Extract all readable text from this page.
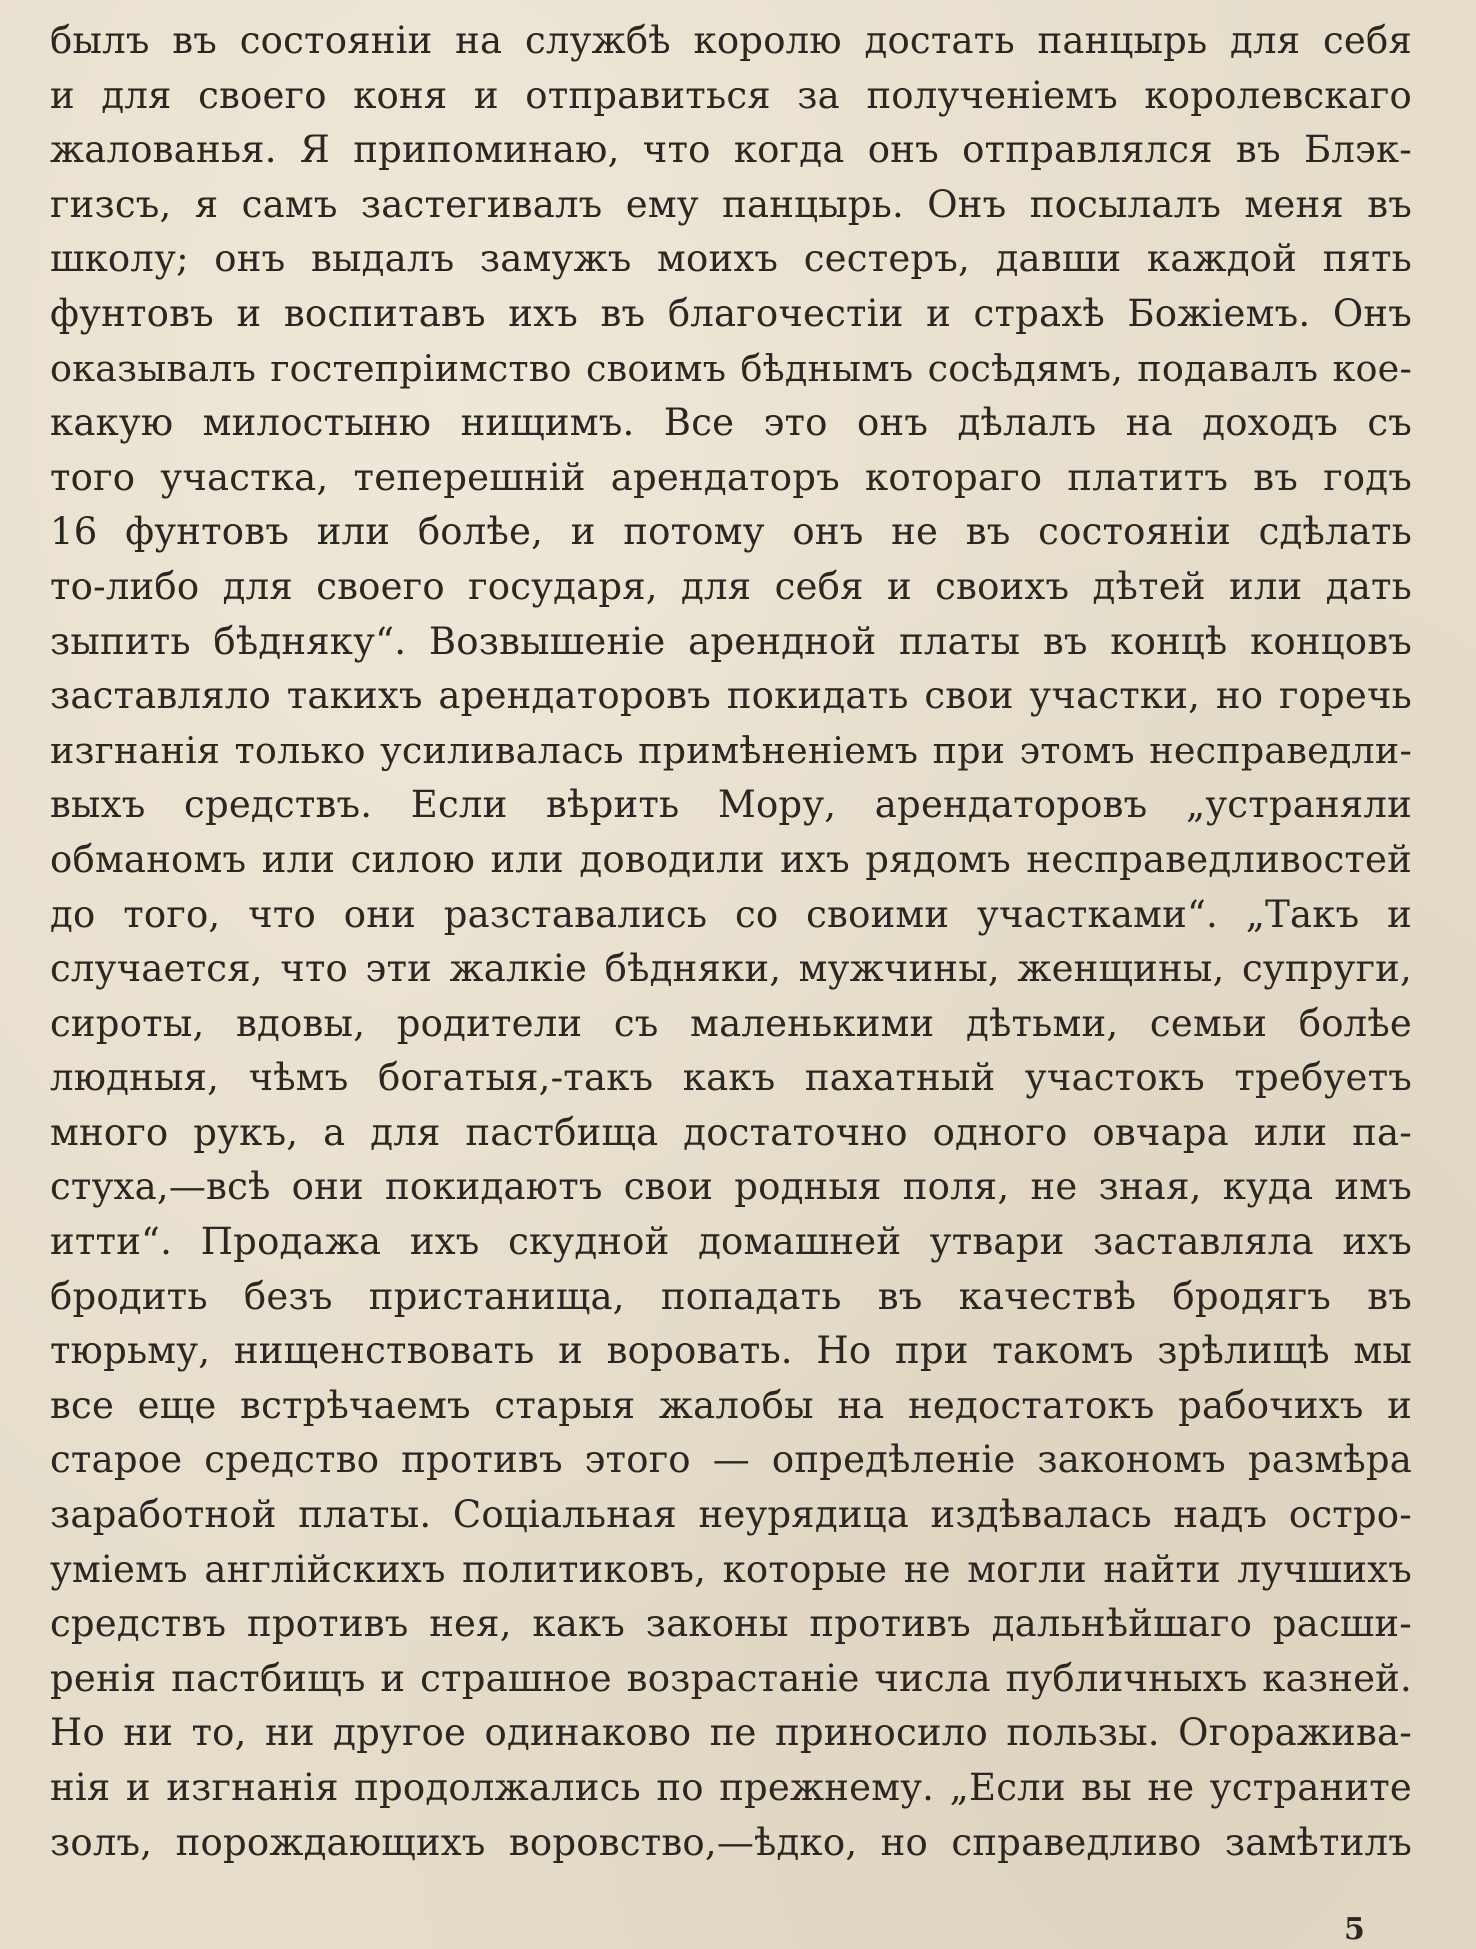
былъ въ состоянiи на службѣ королю достать панцырь для себя
и для своего коня и отправиться за полученiемъ королевскаго
жалованья. Я припоминаю, что когда онъ отправлялся въ Блэк-
гизсъ, я самъ застегивалъ ему панцырь. Онъ посылалъ меня въ
школу; онъ выдалъ замужъ моихъ сестеръ, давши каждой пять
фунтовъ и воспитавъ ихъ въ благочестiи и страхѣ Божiемъ. Онъ
оказывалъ гостепрiимство своимъ бѣднымъ сосѣдямъ, подавалъ кое-
какую милостыню нищимъ. Все это онъ дѣлалъ на доходъ съ
того участка, теперешнiй арендаторъ котораго платитъ въ годъ
16 фунтовъ или болѣе, и потому онъ не въ состоянiи сдѣлать
то-либо для своего государя, для себя и своихъ дѣтей или дать
зыпить бѣдняку“. Возвышенiе арендной платы въ концѣ концовъ
заставляло такихъ арендаторовъ покидать свои участки, но горечь
изгнанiя только усиливалась примѣненiемъ при этомъ несправедли-
выхъ средствъ. Если вѣрить Мору, арендаторовъ „устраняли
обманомъ или силою или доводили ихъ рядомъ несправедливостей
до того, что они разставались со своими участками“. „Такъ и
случается, что эти жалкiе бѣдняки, мужчины, женщины, супруги,
сироты, вдовы, родители съ маленькими дѣтьми, семьи болѣе
людныя, чѣмъ богатыя,-такъ какъ пахатный участокъ требуетъ
много рукъ, а для пастбища достаточно одного овчара или па-
стуха,—всѣ они покидаютъ свои родныя поля, не зная, куда имъ
итти“. Продажа ихъ скудной домашней утвари заставляла ихъ
бродить безъ пристанища, попадать въ качествѣ бродягъ въ
тюрьму, нищенствовать и воровать. Но при такомъ зрѣлищѣ мы
все еще встрѣчаемъ старыя жалобы на недостатокъ рабочихъ и
старое средство противъ этого — опредѣленiе закономъ размѣра
заработной платы. Соцiальная неурядица издѣвалась надъ остро-
умiемъ англiйскихъ политиковъ, которые не могли найти лучшихъ
средствъ противъ нея, какъ законы противъ дальнѣйшаго расши-
ренiя пастбищъ и страшное возрастанiе числа публичныхъ казней.
Но ни то, ни другое одинаково пе приносило пользы. Огоражива-
нiя и изгнанiя продолжались по прежнему. „Если вы не устраните
золъ, порождающихъ воровство,—ѣдко, но справедливо замѣтилъ
5
